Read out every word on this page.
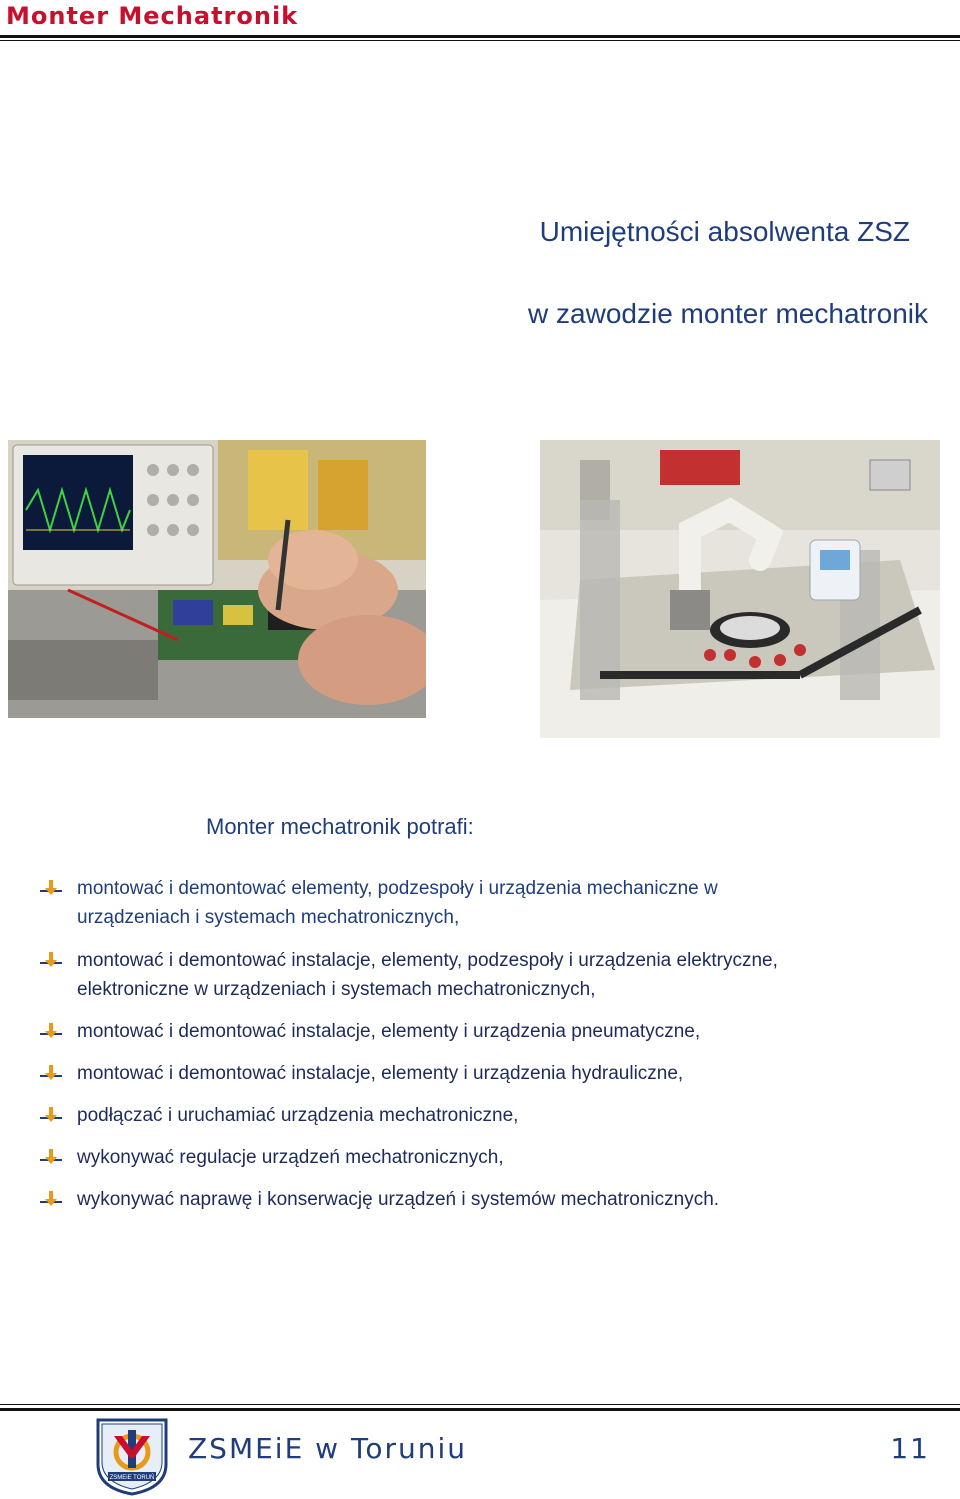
Monter Mechatronik
Umiejętności absolwenta ZSZ
w zawodzie monter mechatronik
Monter mechatronik potrafi:
montować i demontować elementy, podzespoły i urządzenia mechaniczne w
urządzeniach i systemach mechatronicznych,
montować i demontować instalacje, elementy, podzespoły i urządzenia elektryczne,
elektroniczne w urządzeniach i systemach mechatronicznych,
montować i demontować instalacje, elementy i urządzenia pneumatyczne,
montować i demontować instalacje, elementy i urządzenia hydrauliczne,
podłączać i uruchamiać urządzenia mechatroniczne,
wykonywać regulacje urządzeń mechatronicznych,
wykonywać naprawę i konserwację urządzeń i systemów mechatronicznych.
ZSMEiE TORUŃ
ZSMEiE w Toruniu	11
